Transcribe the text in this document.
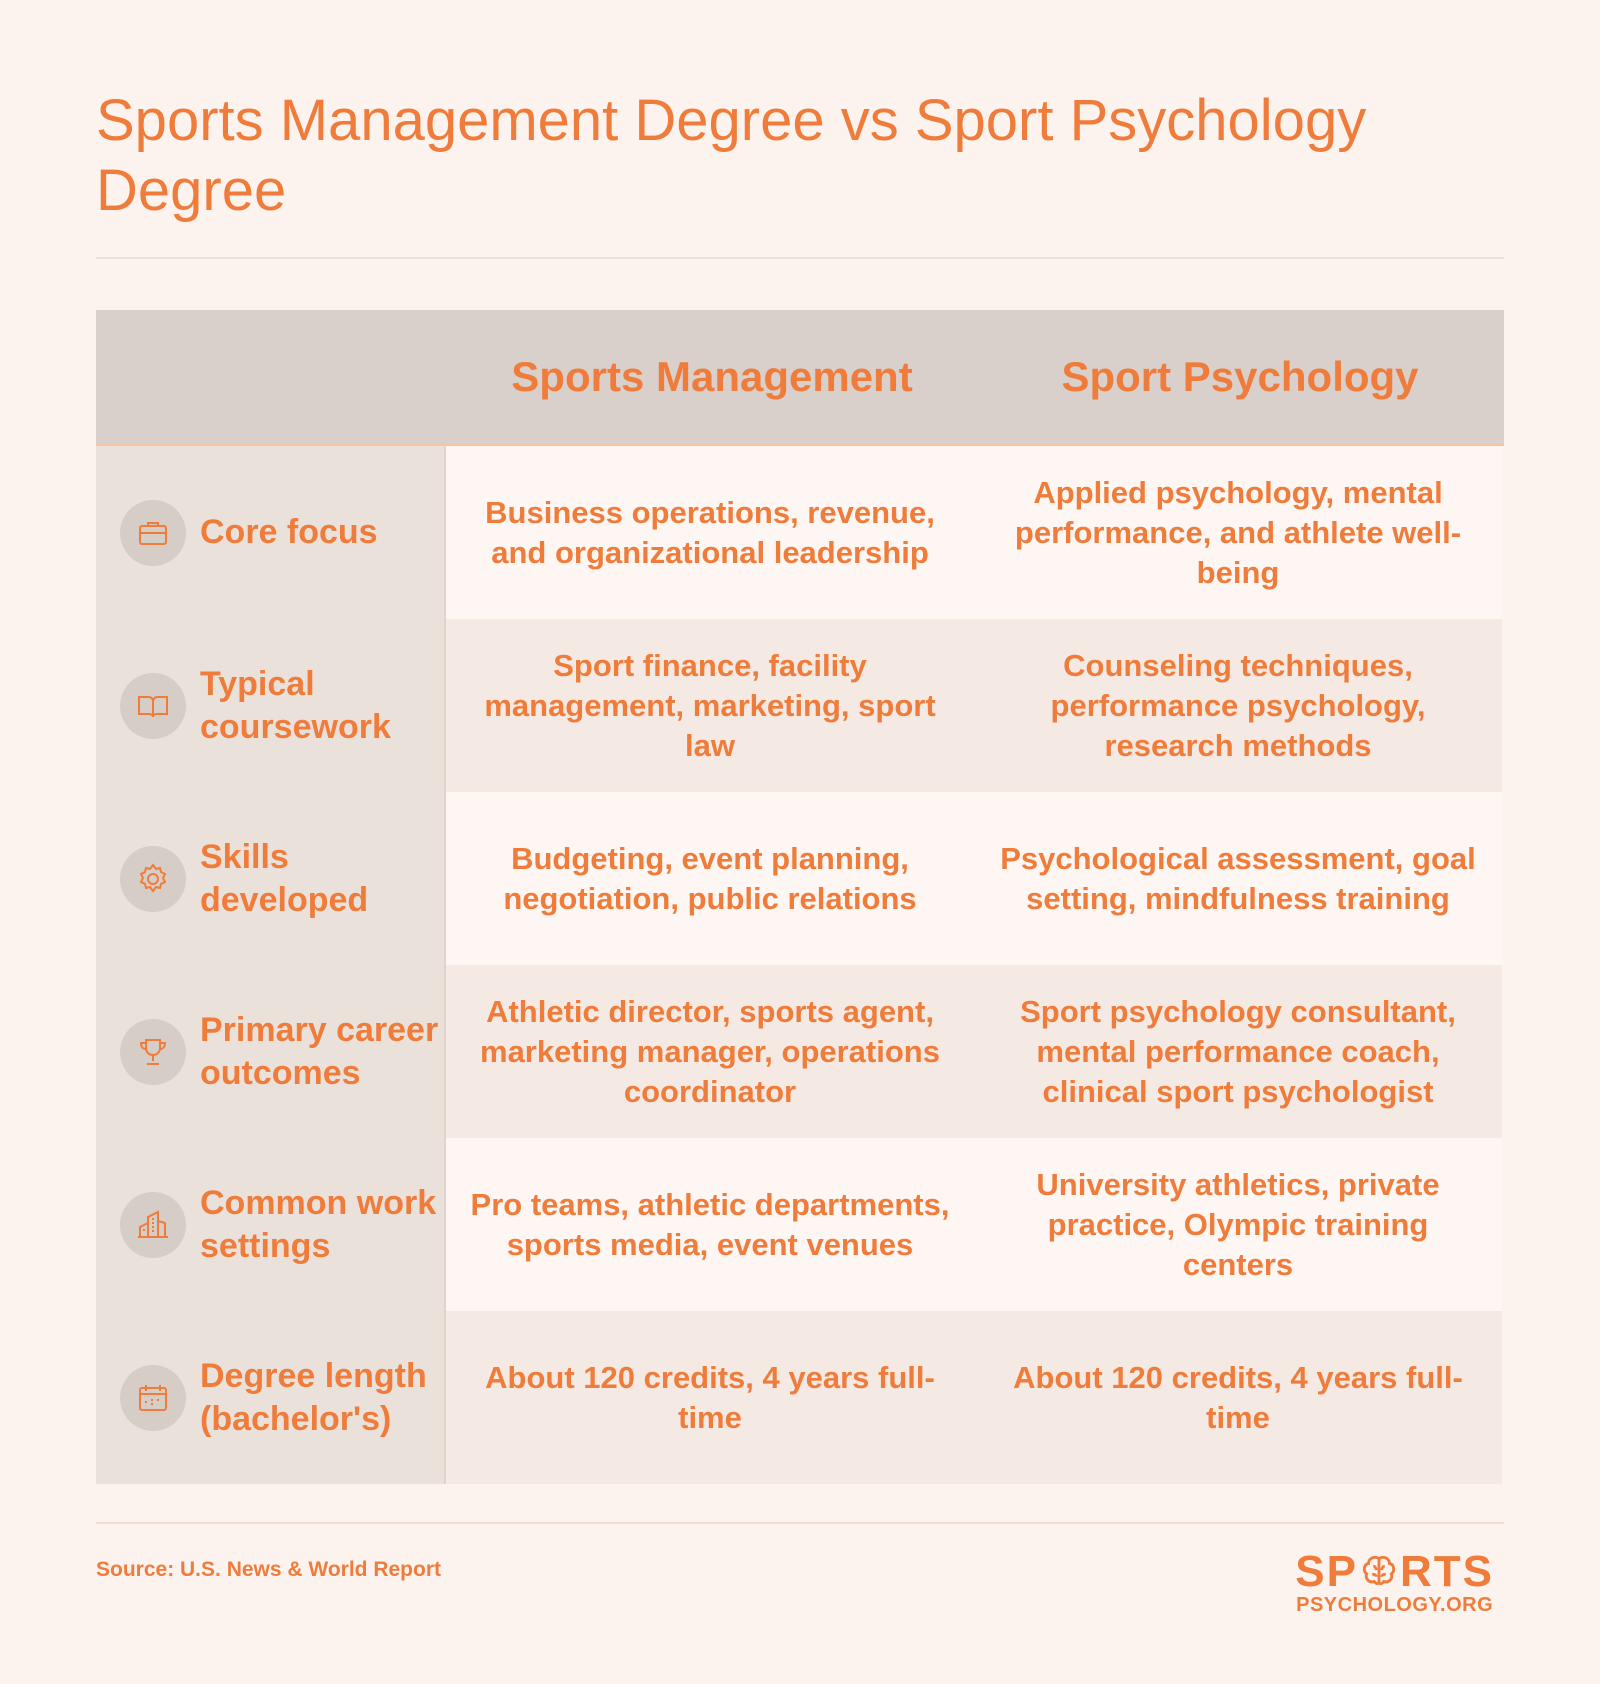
Sports Management Degree vs Sport Psychology Degree
Sports Management	Sport Psychology
Core focus
Business operations, revenue, and organizational leadership
Applied psychology, mental performance, and athlete well-being
Typical coursework
Sport finance, facility management, marketing, sport law
Counseling techniques, performance psychology, research methods
Skills developed
Budgeting, event planning, negotiation, public relations
Psychological assessment, goal setting, mindfulness training
Primary career outcomes
Athletic director, sports agent, marketing manager, operations coordinator
Sport psychology consultant, mental performance coach, clinical sport psychologist
Common work settings
Pro teams, athletic departments, sports media, event venues
University athletics, private practice, Olympic training centers
Degree length (bachelor's)
About 120 credits, 4 years full-time
About 120 credits, 4 years full-time
Source: U.S. News & World Report	SP RTS
PSYCHOLOGY.ORG
